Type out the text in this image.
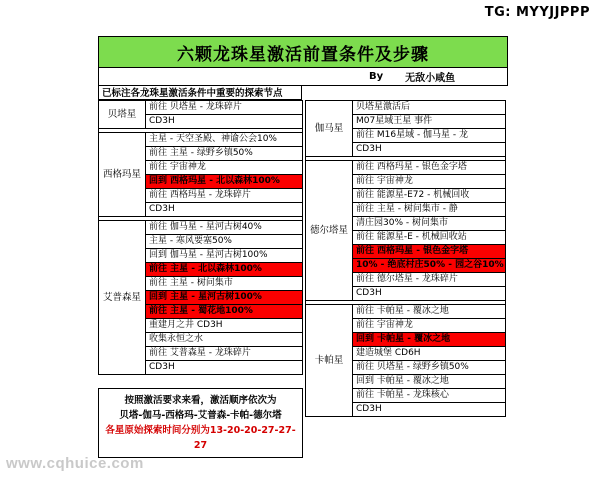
TG: MYYJJPPP
六颗龙珠星激活前置条件及步骤
By 无敌小咸鱼
已标注各龙珠星激活条件中重要的探索节点
贝塔星	前往 贝塔星 - 龙珠碎片
	CD3H

西格玛星	主星 - 天空圣殿、神谕公会10%
	前往 主星 - 绿野乡镇50%
	前往 宇宙神龙
	回到 西格玛星 - 北以森林100%
	前往 西格玛星 - 龙珠碎片
	CD3H

艾普森星	前往 伽马星 - 星河古树40%
	主星 - 寒风要塞50%
	回到 伽马星 - 星河古树100%
	前往 主星 - 北以森林100%
	前往 主星 - 树问集市
	回到 主星 - 星河古树100%
	前往 主星 - 蜀花地100%
	重建月之井 CD3H
	收集永恒之水
	前往 艾普森星 - 龙珠碎片
	CD3H
伽马星	贝塔星激活后
	M07星域王星 事件
	前往 M16星域 - 伽马星 - 龙
	CD3H

德尔塔星	前往 西格玛星 - 银色金字塔
	前往 宇宙神龙
	前往 能源星-E72 - 机械回收
	前往 主星 - 树问集市 - 静
	清庄园30% - 树问集市
	前往 能源星-E - 机械回收站
	前往 西格玛星 - 银色金字塔
	10% - 绝底村庄50% - 园之谷10%
	前往 德尔塔星 - 龙珠碎片
	CD3H

卡帕星	前往 卡帕星 - 覆冰之地
	前往 宇宙神龙
	回到 卡帕星 - 覆冰之地
	建造城堡 CD6H
	前往 贝塔星 - 绿野乡镇50%
	回到 卡帕星 - 覆冰之地
	前往 卡帕星 - 龙珠核心
	CD3H
按照激活要求来看，激活顺序依次为
贝塔-伽马-西格玛-艾普森-卡帕-德尔塔
各星原始探索时间分别为13-20-20-27-27-27
www.cqhuice.com
